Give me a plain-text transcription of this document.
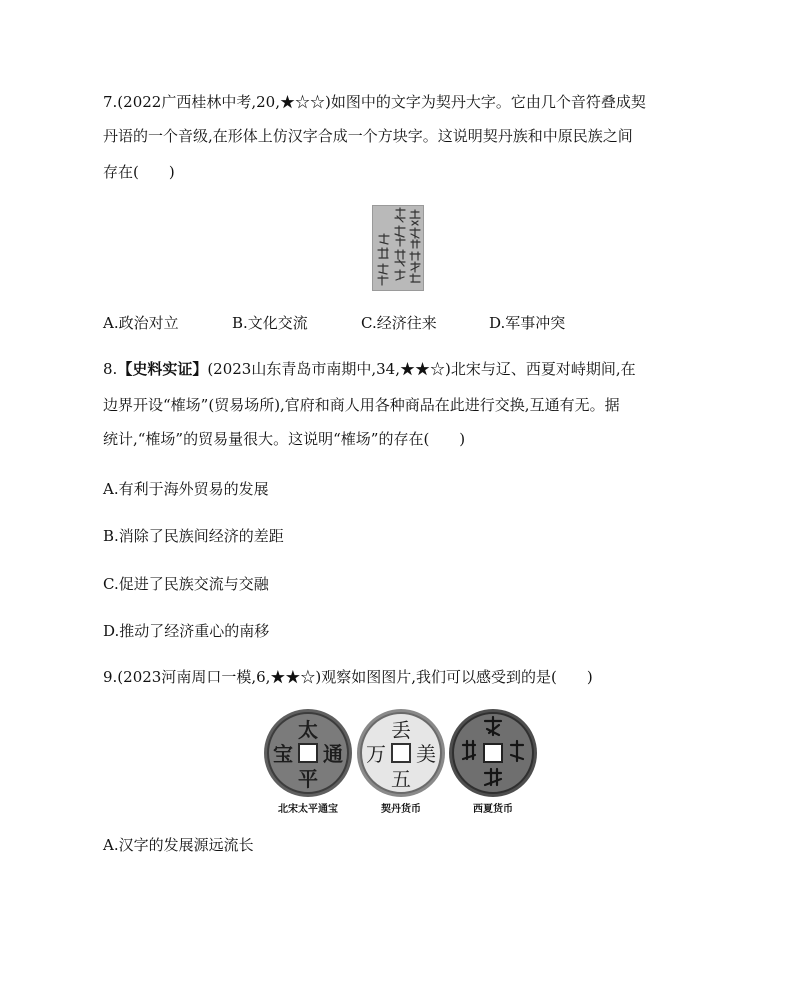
7.(2022广西桂林中考,20,★☆☆)如图中的文字为契丹大字。它由几个音符叠成契
丹语的一个音级,在形体上仿汉字合成一个方块字。这说明契丹族和中原民族之间
存在( )
A.政治对立	B.文化交流	C.经济往来	D.军事冲突
8.【史料实证】(2023山东青岛市南期中,34,★★☆)北宋与辽、西夏对峙期间,在
边界开设“榷场”(贸易场所),官府和商人用各种商品在此进行交换,互通有无。据
统计,“榷场”的贸易量很大。这说明“榷场”的存在( )
A.有利于海外贸易的发展
B.消除了民族间经济的差距
C.促进了民族交流与交融
D.推动了经济重心的南移
9.(2023河南周口一模,6,★★☆)观察如图图片,我们可以感受到的是( )
太
平
通
宝
北宋太平通宝
丢
五
万 美
契丹货币	西夏货币
A.汉字的发展源远流长
